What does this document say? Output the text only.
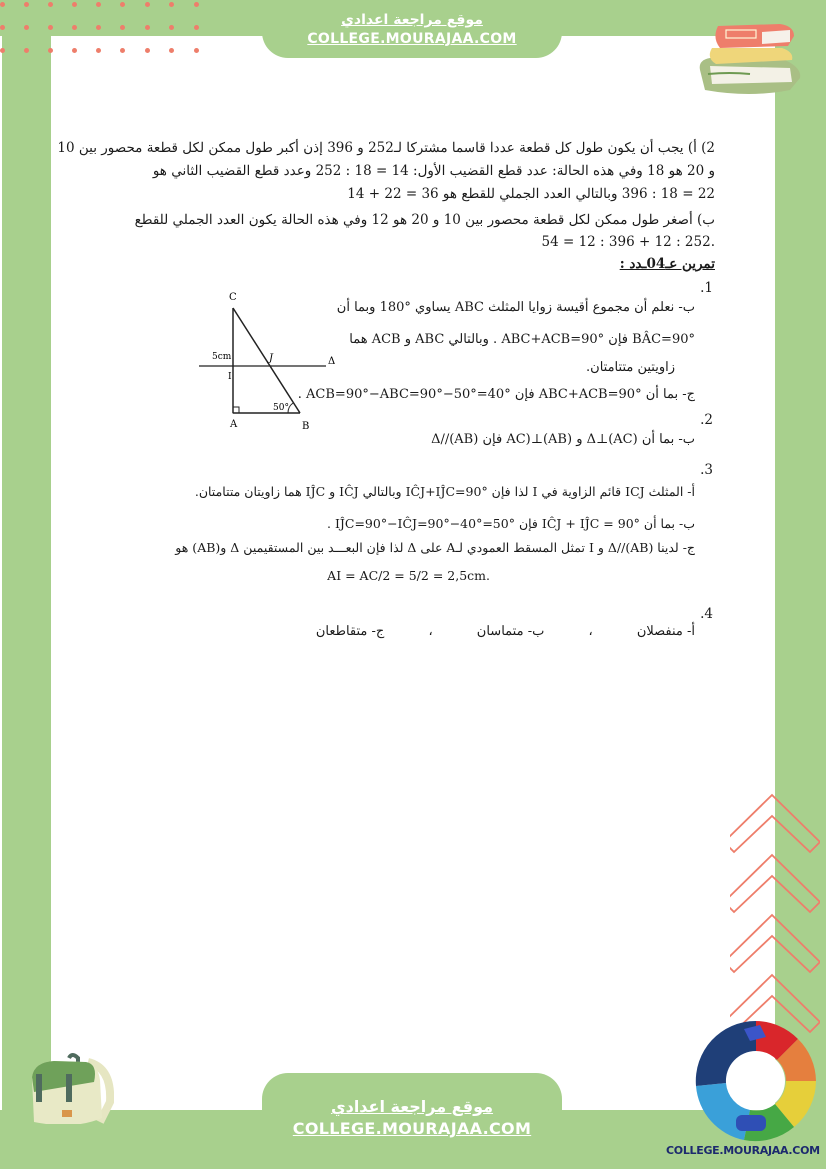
موقع مراجعة اعدادي
COLLEGE.MOURAJAA.COM
2) أ) يجب أن يكون طول كل قطعة عددا قاسما مشتركا لـ252 و 396 إذن أكبر طول ممكن لكل قطعة محصور بين 10
و 20 هو 18 وفي هذه الحالة: عدد قطع القضيب الأول: 14 = 18 : 252 وعدد قطع القضيب الثاني هو
22 = 18 : 396 وبالتالي العدد الجملي للقطع هو 36 = 22 + 14
ب) أصغر طول ممكن لكل قطعة محصور بين 10 و 20 هو 12 وفي هذه الحالة يكون العدد الجملي للقطع
.252 : 12 + 396 : 12 = 54
تمرين عـ04ـدد :
1.
ب- نعلم أن مجموع أقيسة زوايا المثلث ABC يساوي °180 وبما أن
°BÂC=90 فإن °ABC+ACB=90 . وبالتالي ABC و ACB هما
زاويتين متتامتان.
ج- بما أن °ABC+ACB=90 فإن °ACB=90°−ABC=90°−50°=40 .
2.
ب- بما أن (Δ⊥(AC و (AB)⊥(AC فإن (Δ//(AB
3.
أ- المثلث ICJ قائم الزاوية في I لذا فإن °IĈJ+IĴC=90 وبالتالي IĈJ و IĴC هما زاويتان متتامتان.
ب- بما أن °IĈJ + IĴC = 90 فإن °IĴC=90°−IĈJ=90°−40°=50 .
ج- لدينا (Δ//(AB و I تمثل المسقط العمودي لـA على Δ لذا فإن البعـــد بين المستقيمين Δ و(AB) هو
.AI = AC/2 = 5/2 = 2,5cm
4.
أ- منفصلان ، ب- متماسان ، ج- متقاطعان
C
A	B
I
J	Δ
5cm
50°
COLLEGE.MOURAJAA.COM
موقع مراجعة اعدادي
COLLEGE.MOURAJAA.COM
